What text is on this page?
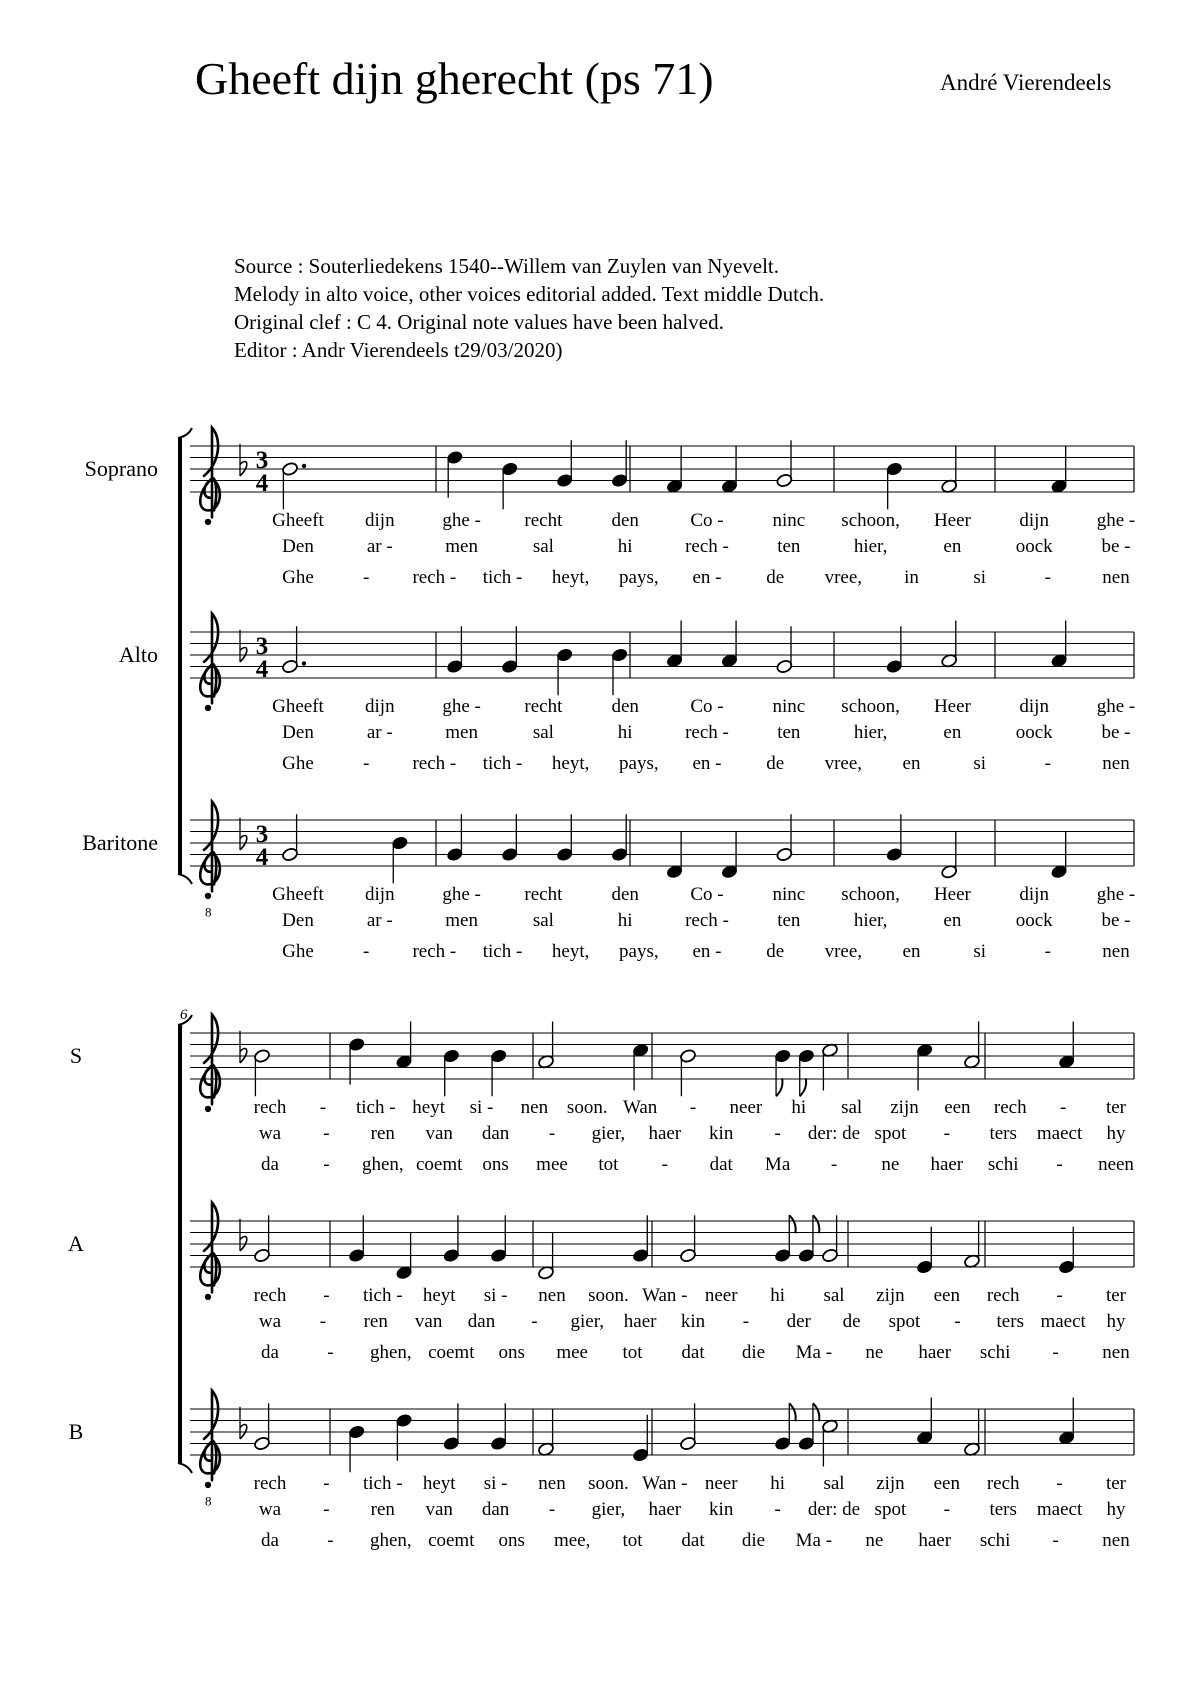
Gheeft dijn gherecht (ps 71)	André Vierendeels
Source : Souterliedekens 1540--Willem van Zuylen van Nyevelt.
Melody in alto voice, other voices editorial added. Text middle Dutch.
Original clef : C 4. Original note values have been halved.
Editor : Andr Vierendeels t29/03/2020)
Soprano	3
4
Gheeft dijn	ghe - recht	den	Co -	ninc schoon, Heer	dijn	ghe -
Den	ar -	men	sal	hi	rech -	ten	hier,	en	oock	be -
Ghe	- rech - tich - heyt, pays, en - de vree, in	si	-	nen
Alto	3
4
Gheeft dijn	ghe - recht	den	Co -	ninc schoon, Heer	dijn	ghe -
Den	ar -	men	sal	hi	rech -	ten	hier,	en	oock	be -
Ghe	- rech - tich - heyt, pays, en - de vree, en	si	-	nen
Baritone
8
3
4
Gheeft dijn	ghe - recht	den	Co -	ninc schoon, Heer	dijn	ghe -
Den	ar -	men	sal	hi	rech -	ten	hier,	en	oock	be -
Ghe	- rech - tich - heyt, pays, en - de vree, en	si	-	nen
6
S
rech - tich - heyt si - nen soon. Wan - neer hi sal zijn een rech - ter
wa - ren van dan - gier, haer kin - der: de spot - ters maect hy
da - ghen, coemt ons mee tot - dat Ma - ne haer schi - neen
A
rech - tich - heyt si - nen soon. Wan - neer hi sal zijn een rech - ter
wa - ren van dan - gier, haer kin - der de spot - ters maect hy
da	- ghen, coemt ons mee tot dat die Ma - ne haer schi - nen
B
8
rech - tich - heyt si - nen soon. Wan - neer hi sal zijn een rech - ter
wa - ren van dan - gier, haer kin - der: de spot - ters maect hy
da	- ghen, coemt ons mee, tot dat die Ma - ne haer schi - nen
